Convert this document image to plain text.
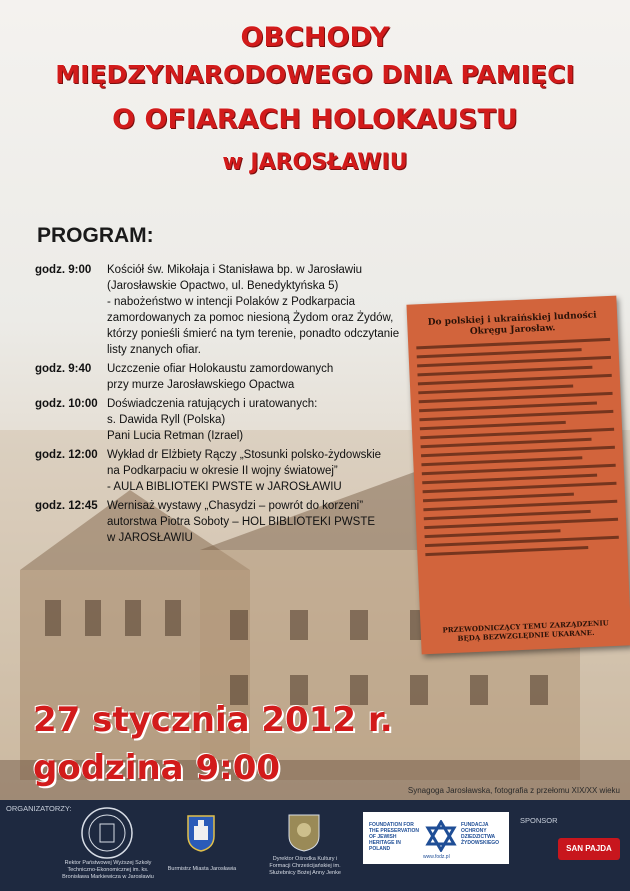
OBCHODY
MIĘDZYNARODOWEGO DNIA PAMIĘCI
O OFIARACH HOLOKAUSTU
w JAROSŁAWIU
PROGRAM:
godz. 9:00	Kościół św. Mikołaja i Stanisława bp. w Jarosławiu
(Jarosławskie Opactwo, ul. Benedyktyńska 5)
- nabożeństwo w intencji Polaków z Podkarpacia
zamordowanych za pomoc niesioną Żydom oraz Żydów,
którzy ponieśli śmierć na tym terenie, ponadto odczytanie
listy znanych ofiar.
godz. 9:40	Uczczenie ofiar Holokaustu zamordowanych
przy murze Jarosławskiego Opactwa
godz. 10:00 Doświadczenia ratujących i uratowanych:
s. Dawida Ryll (Polska)
Pani Lucia Retman (Izrael)
godz. 12:00 Wykład dr Elżbiety Rączy „Stosunki polsko-żydowskie
na Podkarpaciu w okresie II wojny światowej”
- AULA BIBLIOTEKI PWSTE w JAROSŁAWIU
godz. 12:45 Wernisaż wystawy „Chasydzi – powrót do korzeni”
autorstwa Piotra Soboty – HOL BIBLIOTEKI PWSTE
w JAROSŁAWIU
Do polskiej i ukraińskiej ludności Okręgu Jarosław.
PRZEWODNICZĄCY TEMU ZARZĄDZENIU BĘDĄ BEZWZGLĘDNIE UKARANE.
27 stycznia 2012 r.
godzina 9:00
Synagoga Jarosławska, fotografia z przełomu XIX/XX wieku
ORGANIZATORZY:
Rektor Państwowej Wyższej Szkoły Techniczno-Ekonomicznej im. ks. Bronisława Markiewicza w Jarosławiu
Burmistrz Miasta Jarosławia
Dyrektor Ośrodka Kultury i Formacji Chrześcijańskiej im. Służebnicy Bożej Anny Jenke
FOUNDATION FOR THE PRESERVATION OF JEWISH HERITAGE IN POLAND
FUNDACJA OCHRONY DZIEDZICTWA ŻYDOWSKIEGO
www.fodz.pl
SPONSOR
SAN PAJDA
